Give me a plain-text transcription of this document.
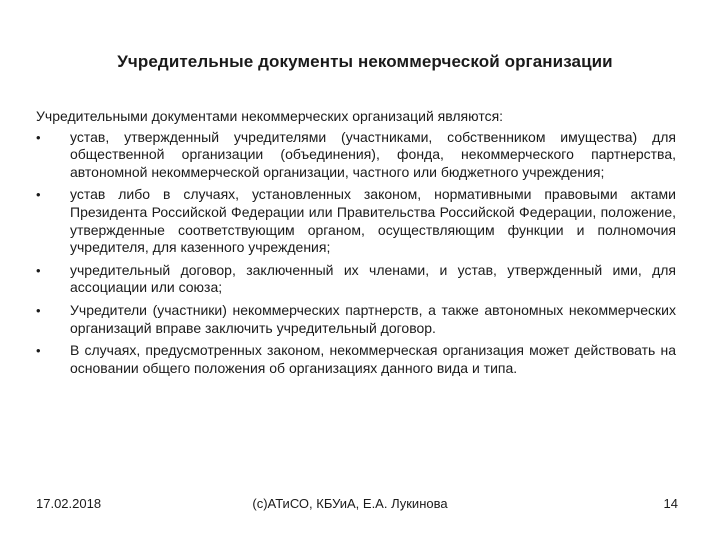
Учредительные документы некоммерческой организации

Учредительными документами некоммерческих организаций являются:

•	устав, утвержденный учредителями (участниками, собственником имущества) для общественной организации (объединения), фонда, некоммерческого партнерства, автономной некоммерческой организации, частного или бюджетного учреждения;
•	устав либо в случаях, установленных законом, нормативными правовыми актами Президента Российской Федерации или Правительства Российской Федерации, положение, утвержденные соответствующим органом, осуществляющим функции и полномочия учредителя, для казенного учреждения;
•	учредительный договор, заключенный их членами, и устав, утвержденный ими, для ассоциации или союза;
•	Учредители (участники) некоммерческих партнерств, а также автономных некоммерческих организаций вправе заключить учредительный договор.
•	В случаях, предусмотренных законом, некоммерческая организация может действовать на основании общего положения об организациях данного вида и типа.
17.02.2018	(c)АТиСО, КБУиА, Е.А. Лукинова	14
